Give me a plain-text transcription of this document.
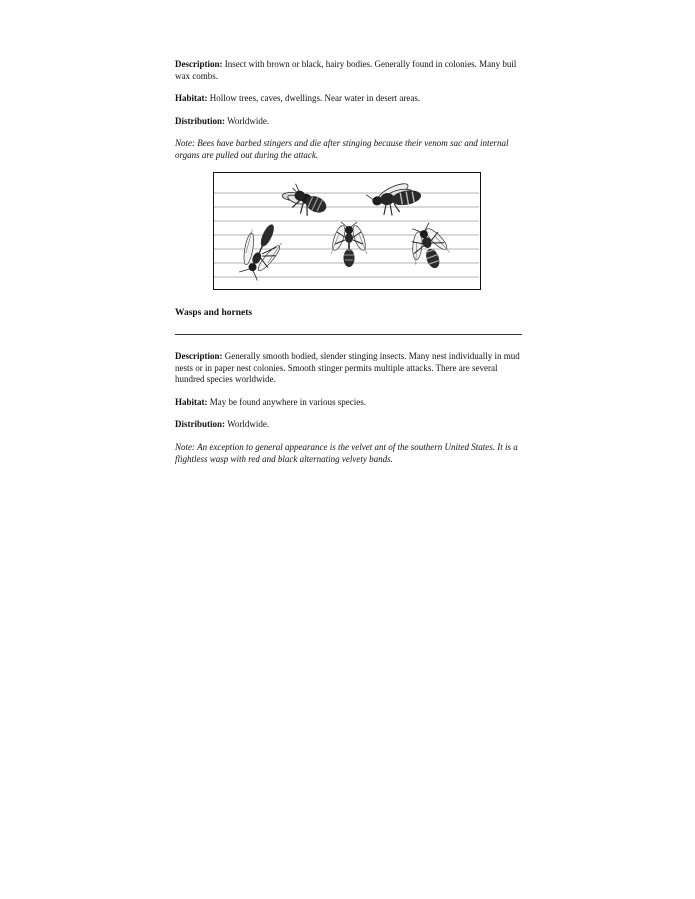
Description: Insect with brown or black, hairy bodies. Generally found in colonies. Many buil wax combs.

Habitat: Hollow trees, caves, dwellings. Near water in desert areas.

Distribution: Worldwide.

Note: Bees have barbed stingers and die after stinging because their venom sac and internal organs are pulled out during the attack.

Wasps and hornets

Description: Generally smooth bodied, slender stinging insects. Many nest individually in mud nests or in paper nest colonies. Smooth stinger permits multiple attacks. There are several hundred species worldwide.

Habitat: May be found anywhere in various species.

Distribution: Worldwide.

Note: An exception to general appearance is the velvet ant of the southern United States. It is a flightless wasp with red and black alternating velvety bands.
